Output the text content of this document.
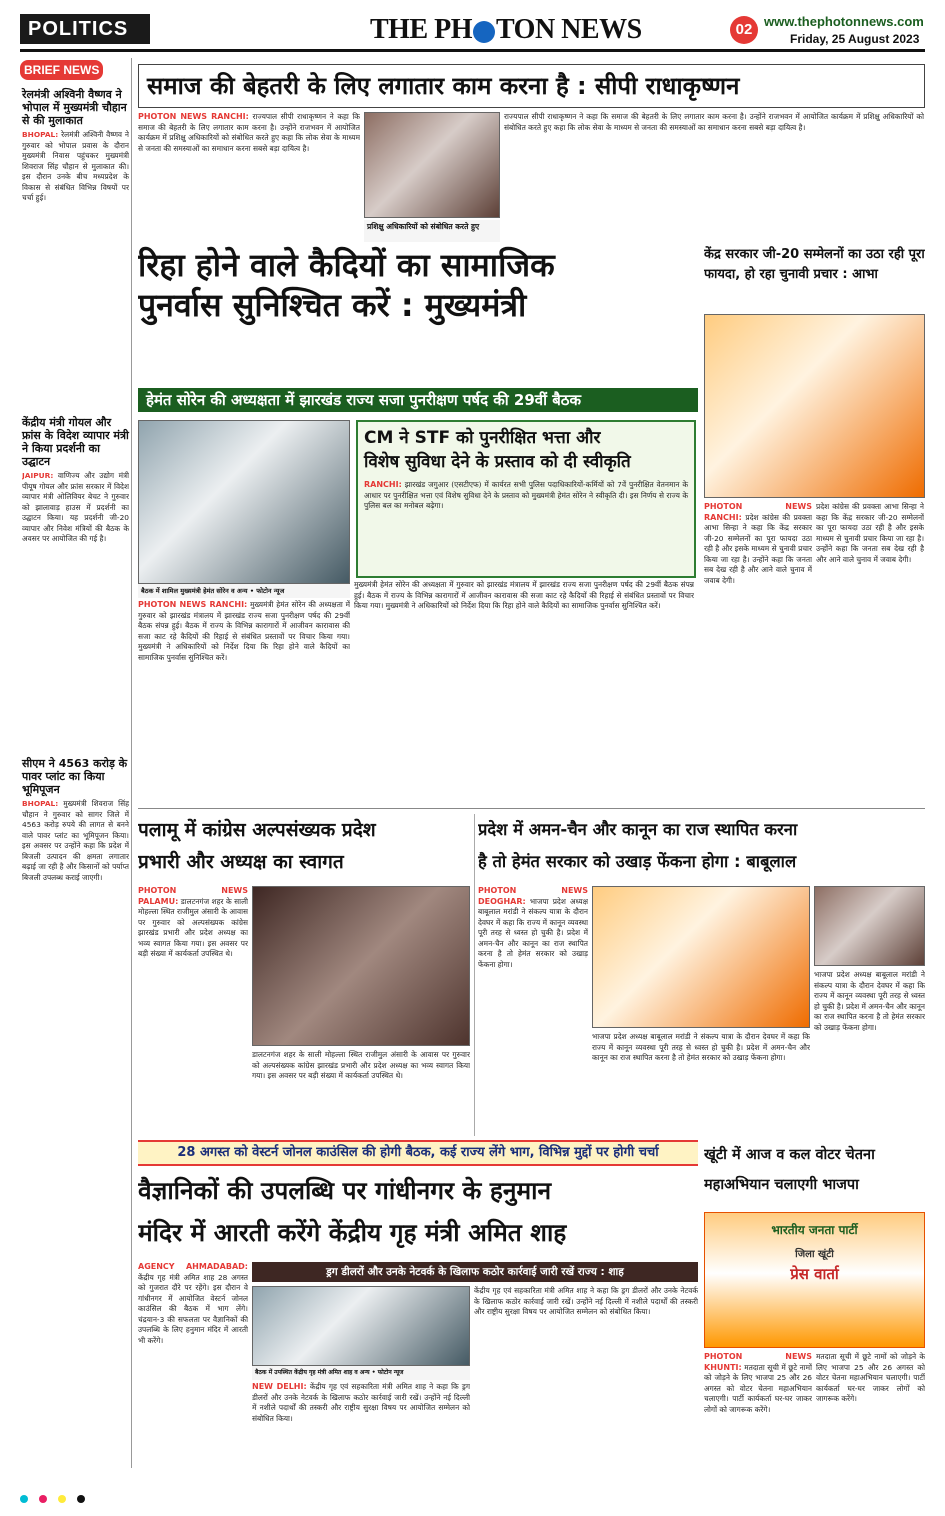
POLITICS	THE PH TON NEWS	02 www.thephotonnews.com
Friday, 25 August 2023
BRIEF NEWS
रेलमंत्री अश्विनी वैष्णव ने भोपाल में मुख्यमंत्री चौहान से की मुलाकात
BHOPAL: रेलमंत्री अश्विनी वैष्णव ने गुरुवार को भोपाल प्रवास के दौरान मुख्यमंत्री निवास पहुंचकर मुख्यमंत्री शिवराज सिंह चौहान से मुलाकात की। इस दौरान उनके बीच मध्यप्रदेश के विकास से संबंधित विभिन्न विषयों पर चर्चा हुई।
केंद्रीय मंत्री गोयल और फ्रांस के विदेश व्यापार मंत्री ने किया प्रदर्शनी का उद्घाटन
JAIPUR: वाणिज्य और उद्योग मंत्री पीयूष गोयल और फ्रांस सरकार में विदेश व्यापार मंत्री ओलिवियर बेचट ने गुरुवार को झालावाड़ हाउस में प्रदर्शनी का उद्घाटन किया। यह प्रदर्शनी जी-20 व्यापार और निवेश मंत्रियों की बैठक के अवसर पर आयोजित की गई है।
सीएम ने 4563 करोड़ के पावर प्लांट का किया भूमिपूजन
BHOPAL: मुख्यमंत्री शिवराज सिंह चौहान ने गुरुवार को सागर जिले में 4563 करोड़ रुपये की लागत से बनने वाले पावर प्लांट का भूमिपूजन किया। इस अवसर पर उन्होंने कहा कि प्रदेश में बिजली उत्पादन की क्षमता लगातार बढ़ाई जा रही है और किसानों को पर्याप्त बिजली उपलब्ध कराई जाएगी।
समाज की बेहतरी के लिए लगातार काम करना है : सीपी राधाकृष्णन
PHOTON NEWS RANCHI: राज्यपाल सीपी राधाकृष्णन ने कहा कि समाज की बेहतरी के लिए लगातार काम करना है। उन्होंने राजभवन में आयोजित कार्यक्रम में प्रशिक्षु अधिकारियों को संबोधित करते हुए कहा कि लोक सेवा के माध्यम से जनता की समस्याओं का समाधान करना सबसे बड़ा दायित्व है।
प्रशिक्षु अधिकारियों को संबोधित करते हुए
राज्यपाल सीपी राधाकृष्णन ने कहा कि समाज की बेहतरी के लिए लगातार काम करना है। उन्होंने राजभवन में आयोजित कार्यक्रम में प्रशिक्षु अधिकारियों को संबोधित करते हुए कहा कि लोक सेवा के माध्यम से जनता की समस्याओं का समाधान करना सबसे बड़ा दायित्व है।
रिहा होने वाले कैदियों का सामाजिक
पुनर्वास सुनिश्चित करें : मुख्यमंत्री
हेमंत सोरेन की अध्यक्षता में झारखंड राज्य सजा पुनरीक्षण पर्षद की 29वीं बैठक
बैठक में शामिल मुख्यमंत्री हेमंत सोरेन व अन्य • फोटोन न्यूज
PHOTON NEWS RANCHI: मुख्यमंत्री हेमंत सोरेन की अध्यक्षता में गुरुवार को झारखंड मंत्रालय में झारखंड राज्य सजा पुनरीक्षण पर्षद की 29वीं बैठक संपन्न हुई। बैठक में राज्य के विभिन्न कारागारों में आजीवन कारावास की सजा काट रहे कैदियों की रिहाई से संबंधित प्रस्तावों पर विचार किया गया। मुख्यमंत्री ने अधिकारियों को निर्देश दिया कि रिहा होने वाले कैदियों का सामाजिक पुनर्वास सुनिश्चित करें।
मुख्यमंत्री हेमंत सोरेन की अध्यक्षता में गुरुवार को झारखंड मंत्रालय में झारखंड राज्य सजा पुनरीक्षण पर्षद की 29वीं बैठक संपन्न हुई। बैठक में राज्य के विभिन्न कारागारों में आजीवन कारावास की सजा काट रहे कैदियों की रिहाई से संबंधित प्रस्तावों पर विचार किया गया। मुख्यमंत्री ने अधिकारियों को निर्देश दिया कि रिहा होने वाले कैदियों का सामाजिक पुनर्वास सुनिश्चित करें।
CM ने STF को पुनरीक्षित भत्ता और
विशेष सुविधा देने के प्रस्ताव को दी स्वीकृति
RANCHI: झारखंड जगुआर (एसटीएफ) में कार्यरत सभी पुलिस पदाधिकारियों-कर्मियों को 7वें पुनरीक्षित वेतनमान के आधार पर पुनरीक्षित भत्ता एवं विशेष सुविधा देने के प्रस्ताव को मुख्यमंत्री हेमंत सोरेन ने स्वीकृति दी। इस निर्णय से राज्य के पुलिस बल का मनोबल बढ़ेगा।
केंद्र सरकार जी-20 सम्मेलनों का उठा रही पूरा फायदा, हो रहा चुनावी प्रचार : आभा
PHOTON NEWS RANCHI: प्रदेश कांग्रेस की प्रवक्ता आभा सिन्हा ने कहा कि केंद्र सरकार जी-20 सम्मेलनों का पूरा फायदा उठा रही है और इसके माध्यम से चुनावी प्रचार किया जा रहा है। उन्होंने कहा कि जनता सब देख रही है और आने वाले चुनाव में जवाब देगी।
प्रदेश कांग्रेस की प्रवक्ता आभा सिन्हा ने कहा कि केंद्र सरकार जी-20 सम्मेलनों का पूरा फायदा उठा रही है और इसके माध्यम से चुनावी प्रचार किया जा रहा है। उन्होंने कहा कि जनता सब देख रही है और आने वाले चुनाव में जवाब देगी।
पलामू में कांग्रेस अल्पसंख्यक प्रदेश
प्रभारी और अध्यक्ष का स्वागत
PHOTON NEWS PALAMU: डालटनगंज शहर के साली मोहल्ला स्थित राजीमुल अंसारी के आवास पर गुरुवार को अल्पसंख्यक कांग्रेस झारखंड प्रभारी और प्रदेश अध्यक्ष का भव्य स्वागत किया गया। इस अवसर पर बड़ी संख्या में कार्यकर्ता उपस्थित थे।
डालटनगंज शहर के साली मोहल्ला स्थित राजीमुल अंसारी के आवास पर गुरुवार को अल्पसंख्यक कांग्रेस झारखंड प्रभारी और प्रदेश अध्यक्ष का भव्य स्वागत किया गया। इस अवसर पर बड़ी संख्या में कार्यकर्ता उपस्थित थे।
प्रदेश में अमन-चैन और कानून का राज स्थापित करना
है तो हेमंत सरकार को उखाड़ फेंकना होगा : बाबूलाल
PHOTON NEWS DEOGHAR: भाजपा प्रदेश अध्यक्ष बाबूलाल मरांडी ने संकल्प यात्रा के दौरान देवघर में कहा कि राज्य में कानून व्यवस्था पूरी तरह से ध्वस्त हो चुकी है। प्रदेश में अमन-चैन और कानून का राज स्थापित करना है तो हेमंत सरकार को उखाड़ फेंकना होगा।
भाजपा प्रदेश अध्यक्ष बाबूलाल मरांडी ने संकल्प यात्रा के दौरान देवघर में कहा कि राज्य में कानून व्यवस्था पूरी तरह से ध्वस्त हो चुकी है। प्रदेश में अमन-चैन और कानून का राज स्थापित करना है तो हेमंत सरकार को उखाड़ फेंकना होगा।
भाजपा प्रदेश अध्यक्ष बाबूलाल मरांडी ने संकल्प यात्रा के दौरान देवघर में कहा कि राज्य में कानून व्यवस्था पूरी तरह से ध्वस्त हो चुकी है। प्रदेश में अमन-चैन और कानून का राज स्थापित करना है तो हेमंत सरकार को उखाड़ फेंकना होगा।
28 अगस्त को वेस्टर्न जोनल काउंसिल की होगी बैठक, कई राज्य लेंगे भाग, विभिन्न मुद्दों पर होगी चर्चा
वैज्ञानिकों की उपलब्धि पर गांधीनगर के हनुमान
मंदिर में आरती करेंगे केंद्रीय गृह मंत्री अमित शाह
AGENCY AHMADABAD: केंद्रीय गृह मंत्री अमित शाह 28 अगस्त को गुजरात दौरे पर रहेंगे। इस दौरान वे गांधीनगर में आयोजित वेस्टर्न जोनल काउंसिल की बैठक में भाग लेंगे। चंद्रयान-3 की सफलता पर वैज्ञानिकों की उपलब्धि के लिए हनुमान मंदिर में आरती भी करेंगे।
ड्रग डीलरों और उनके नेटवर्क के खिलाफ कठोर कार्रवाई जारी रखें राज्य : शाह
बैठक में उपस्थित केंद्रीय गृह मंत्री अमित शाह व अन्य • फोटोन न्यूज
NEW DELHI: केंद्रीय गृह एवं सहकारिता मंत्री अमित शाह ने कहा कि ड्रग डीलरों और उनके नेटवर्क के खिलाफ कठोर कार्रवाई जारी रखें। उन्होंने नई दिल्ली में नशीले पदार्थों की तस्करी और राष्ट्रीय सुरक्षा विषय पर आयोजित सम्मेलन को संबोधित किया।
केंद्रीय गृह एवं सहकारिता मंत्री अमित शाह ने कहा कि ड्रग डीलरों और उनके नेटवर्क के खिलाफ कठोर कार्रवाई जारी रखें। उन्होंने नई दिल्ली में नशीले पदार्थों की तस्करी और राष्ट्रीय सुरक्षा विषय पर आयोजित सम्मेलन को संबोधित किया।
खूंटी में आज व कल वोटर चेतना महाअभियान चलाएगी भाजपा
भारतीय जनता पार्टी
जिला खूंटी
प्रेस वार्ता
PHOTON NEWS KHUNTI: मतदाता सूची में छूटे नामों को जोड़ने के लिए भाजपा 25 और 26 अगस्त को वोटर चेतना महाअभियान चलाएगी। पार्टी कार्यकर्ता घर-घर जाकर लोगों को जागरूक करेंगे।
मतदाता सूची में छूटे नामों को जोड़ने के लिए भाजपा 25 और 26 अगस्त को वोटर चेतना महाअभियान चलाएगी। पार्टी कार्यकर्ता घर-घर जाकर लोगों को जागरूक करेंगे।
